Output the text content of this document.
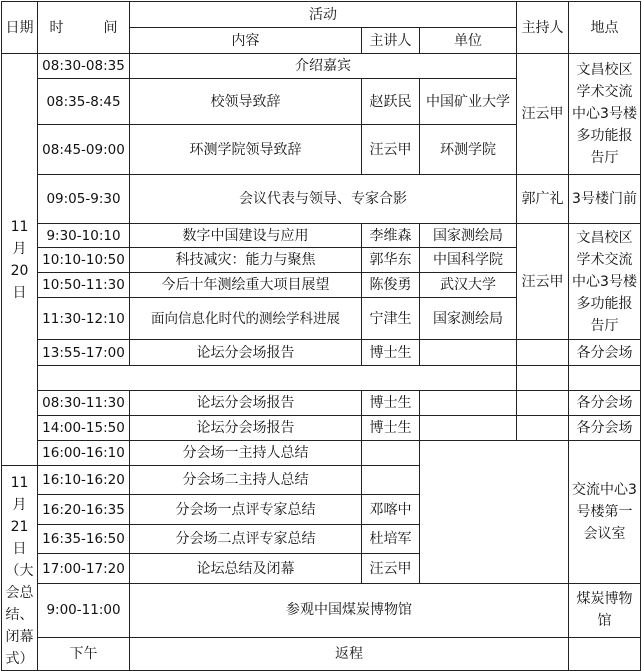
日期	时 间	活动			主持人	地点
		内容	主讲人	单位		
11月20日	08:30-08:35	介绍嘉宾			汪云甲	文昌校区学术交流中心3号楼多功能报告厅
	08:35-8:45	校领导致辞	赵跃民	中国矿业大学		
	08:45-09:00	环测学院领导致辞	汪云甲	环测学院		
	09:05-9:30	会议代表与领导、专家合影			郭广礼	3号楼门前
	9:30-10:10	数字中国建设与应用	李维森	国家测绘局	汪云甲	文昌校区学术交流中心3号楼多功能报告厅
	10:10-10:50	科技减灾：能力与聚焦	郭华东	中国科学院		
	10:50-11:30	今后十年测绘重大项目展望	陈俊勇	武汉大学		
	11:30-12:10	面向信息化时代的测绘学科进展	宁津生	国家测绘局		
	13:55-17:00	论坛分会场报告	博士生			各分会场

	08:30-11:30	论坛分会场报告	博士生			各分会场
	14:00-15:50	论坛分会场报告	博士生			各分会场
	16:00-16:10	分会场一主持人总结				交流中心3号楼第一会议室
11月21日（大会总结、闭幕式）	16:10-16:20	分会场二主持人总结				
	16:20-16:35	分会场一点评专家总结	邓喀中			
	16:35-16:50	分会场二点评专家总结	杜培军			
	17:00-17:20	论坛总结及闭幕	汪云甲			
	9:00-11:00	参观中国煤炭博物馆				煤炭博物馆
	下午	返程				
